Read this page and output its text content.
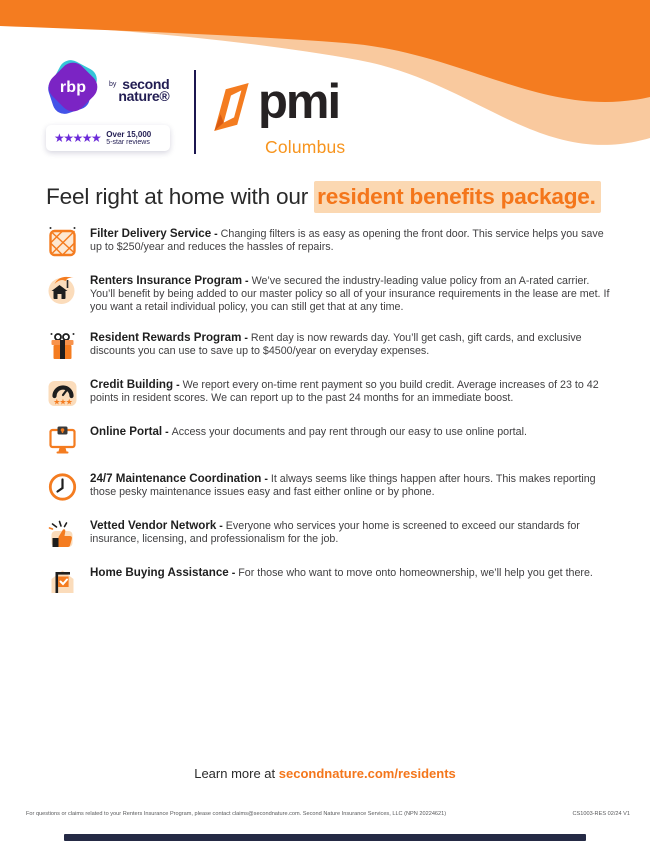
rbp	by second
nature®
★★★★★ Over 15,000
5-star reviews
pmi
Columbus
Feel right at home with our resident benefits package.
Filter Delivery Service - Changing filters is as easy as opening the front door. This service helps you save up to $250/year and reduces the hassles of repairs.
Renters Insurance Program - We’ve secured the industry-leading value policy from an A-rated carrier. You’ll benefit by being added to our master policy so all of your insurance requirements in the lease are met. If you want a retail individual policy, you can still get that at any time.
Resident Rewards Program - Rent day is now rewards day. You’ll get cash, gift cards, and exclusive discounts you can use to save up to $4500/year on everyday expenses.
★★★
Credit Building - We report every on-time rent payment so you build credit. Average increases of 23 to 42 points in resident scores. We can report up to the past 24 months for an immediate boost.
Online Portal - Access your documents and pay rent through our easy to use online portal.
24/7 Maintenance Coordination - It always seems like things happen after hours. This makes reporting those pesky maintenance issues easy and fast either online or by phone.
Vetted Vendor Network - Everyone who services your home is screened to exceed our standards for insurance, licensing, and professionalism for the job.
Home Buying Assistance - For those who want to move onto homeownership, we’ll help you get there.
Learn more at secondnature.com/residents
For questions or claims related to your Renters Insurance Program, please contact claims@secondnature.com. Second Nature Insurance Services, LLC (NPN 20224621)	CS1003-RES 02/24 V1
